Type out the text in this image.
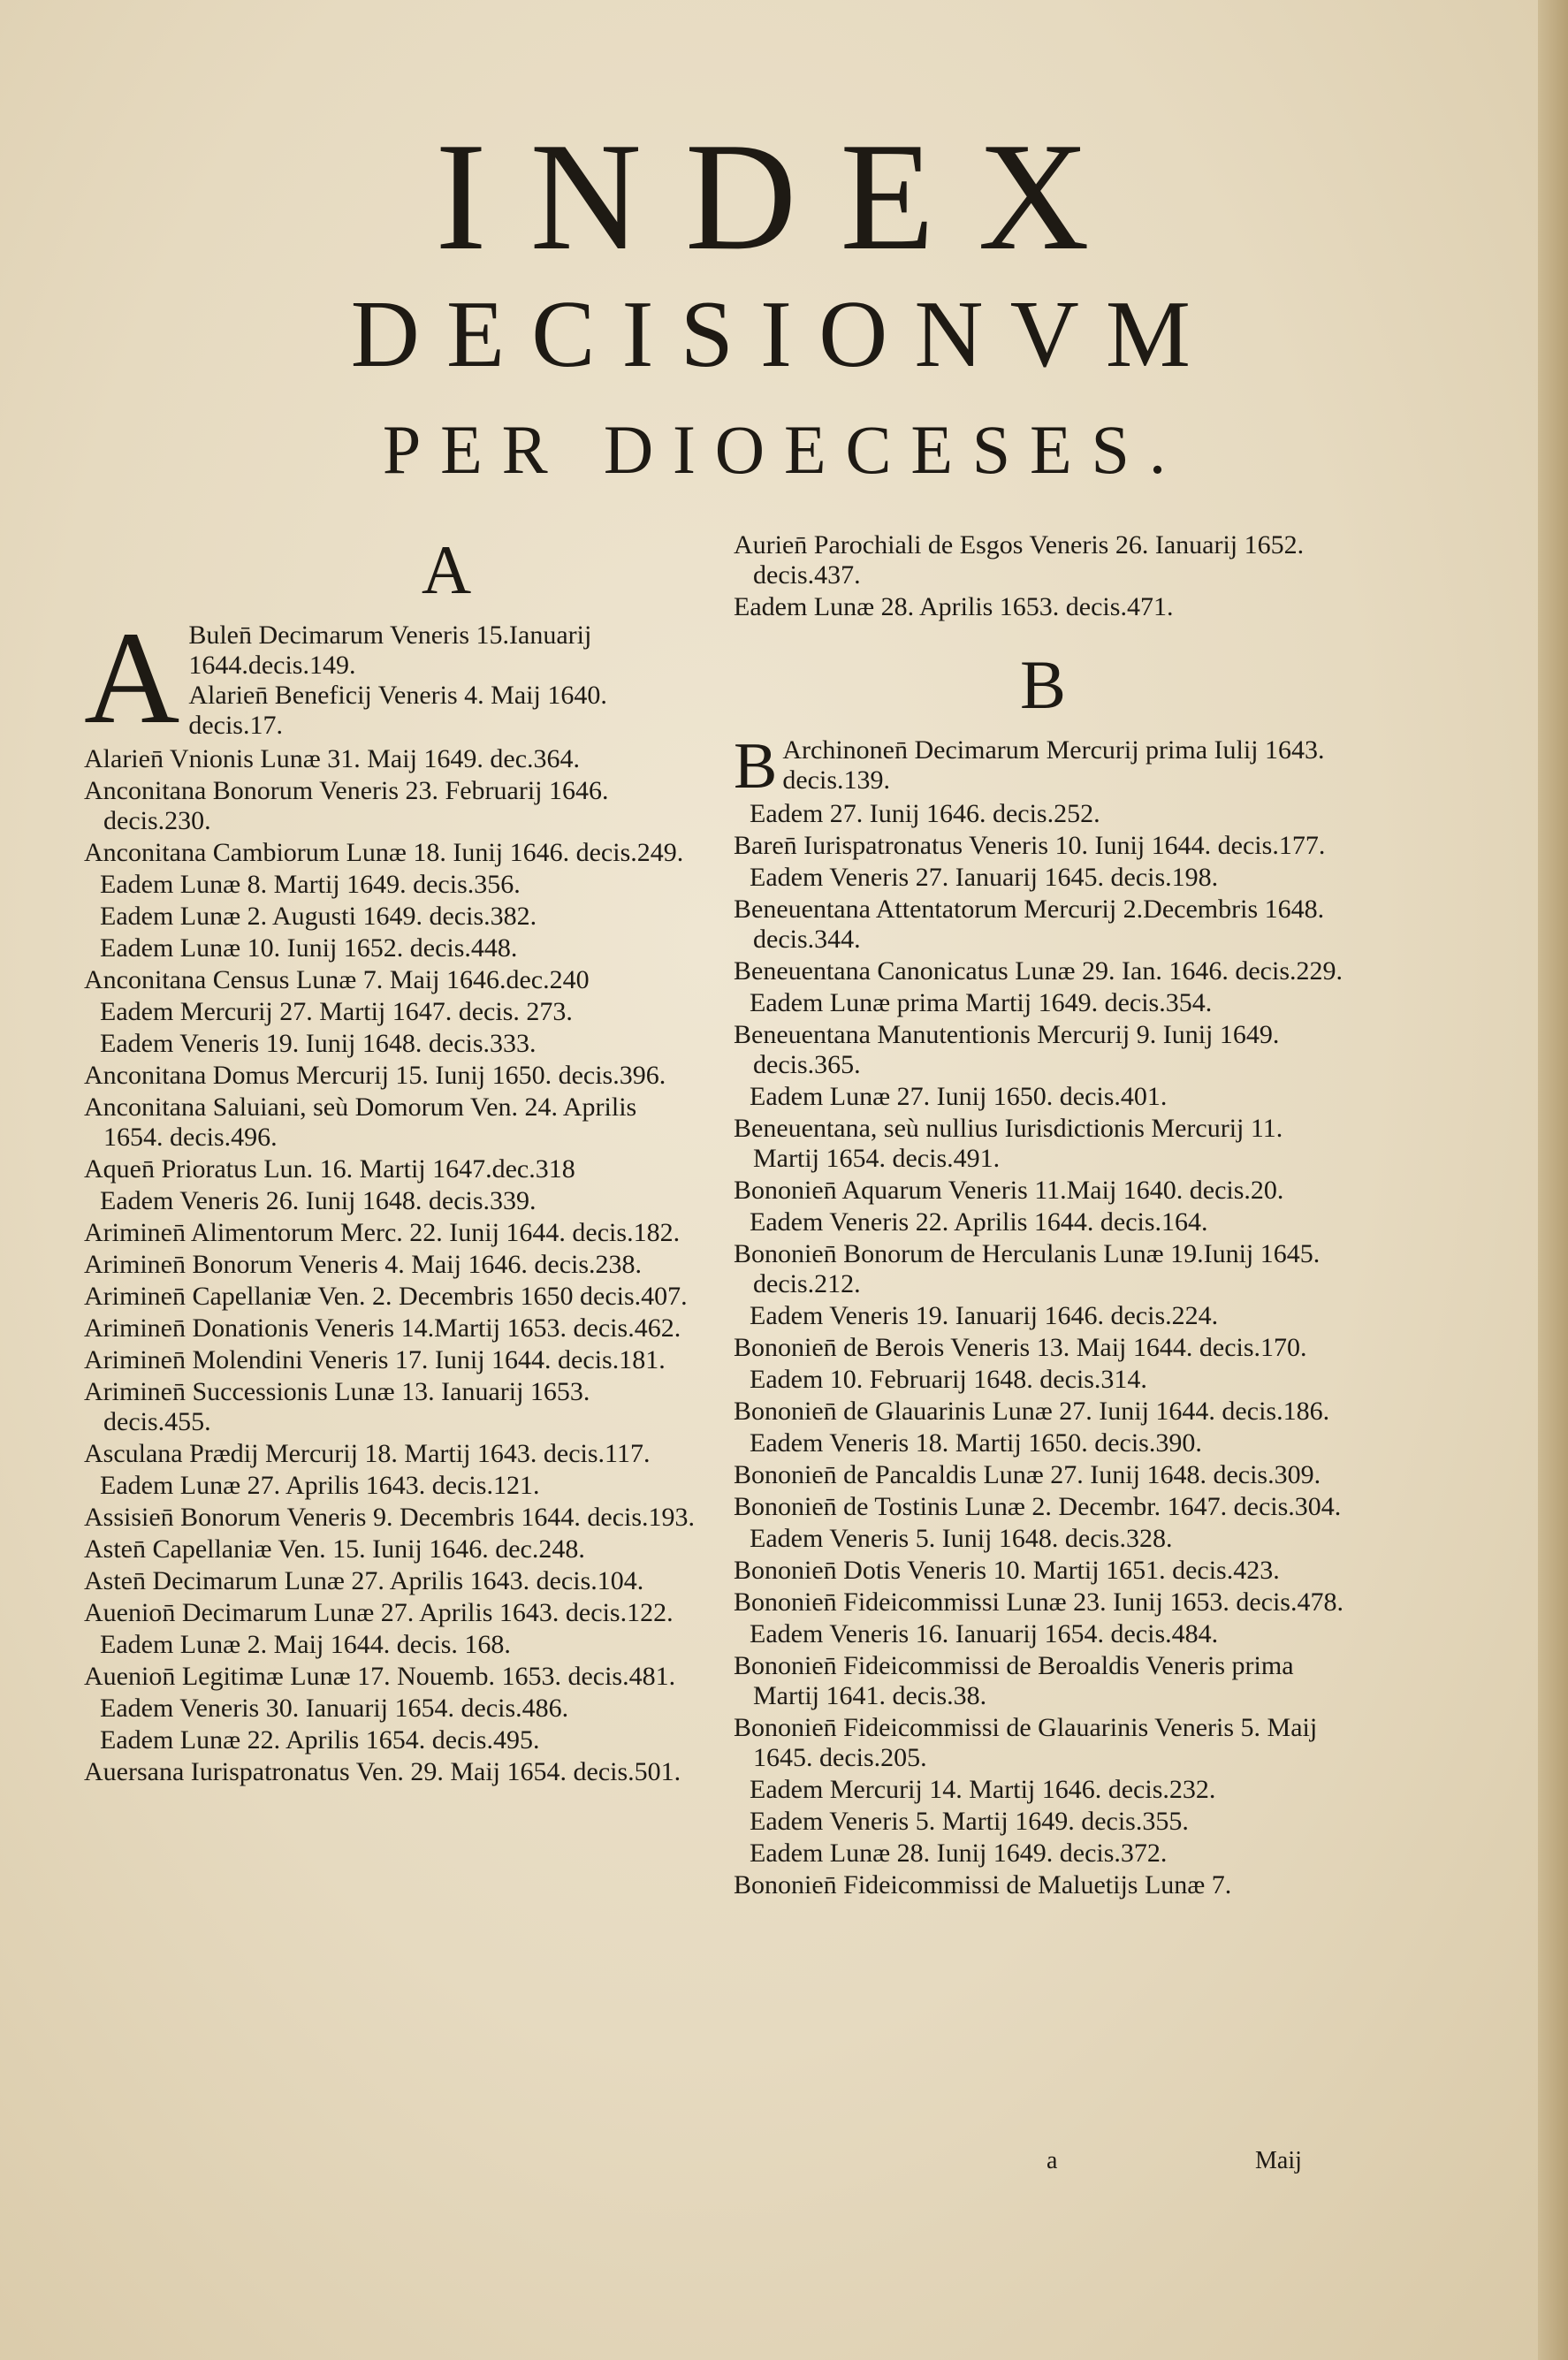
INDEX
DECISIONVM
PER DIOECESES.
A
A Bulen̄ Decimarum Veneris 15.Ianuarij 1644.decis.149.
Alarien̄ Beneficij Veneris 4. Maij 1640. decis.17.
Alarien̄ Vnionis Lunæ 31. Maij 1649. dec.364.
Anconitana Bonorum Veneris 23. Februarij 1646. decis.230.
Anconitana Cambiorum Lunæ 18. Iunij 1646. decis.249.
Eadem Lunæ 8. Martij 1649. decis.356.
Eadem Lunæ 2. Augusti 1649. decis.382.
Eadem Lunæ 10. Iunij 1652. decis.448.
Anconitana Census Lunæ 7. Maij 1646.dec.240
Eadem Mercurij 27. Martij 1647. decis. 273.
Eadem Veneris 19. Iunij 1648. decis.333.
Anconitana Domus Mercurij 15. Iunij 1650. decis.396.
Anconitana Saluiani, seù Domorum Ven. 24. Aprilis 1654. decis.496.
Aquen̄ Prioratus Lun. 16. Martij 1647.dec.318
Eadem Veneris 26. Iunij 1648. decis.339.
Ariminen̄ Alimentorum Merc. 22. Iunij 1644. decis.182.
Ariminen̄ Bonorum Veneris 4. Maij 1646. decis.238.
Ariminen̄ Capellaniæ Ven. 2. Decembris 1650 decis.407.
Ariminen̄ Donationis Veneris 14.Martij 1653. decis.462.
Ariminen̄ Molendini Veneris 17. Iunij 1644. decis.181.
Ariminen̄ Successionis Lunæ 13. Ianuarij 1653. decis.455.
Asculana Prædij Mercurij 18. Martij 1643. decis.117.
Eadem Lunæ 27. Aprilis 1643. decis.121.
Assisien̄ Bonorum Veneris 9. Decembris 1644. decis.193.
Asten̄ Capellaniæ Ven. 15. Iunij 1646. dec.248.
Asten̄ Decimarum Lunæ 27. Aprilis 1643. decis.104.
Auenion̄ Decimarum Lunæ 27. Aprilis 1643. decis.122.
Eadem Lunæ 2. Maij 1644. decis. 168.
Auenion̄ Legitimæ Lunæ 17. Nouemb. 1653. decis.481.
Eadem Veneris 30. Ianuarij 1654. decis.486.
Eadem Lunæ 22. Aprilis 1654. decis.495.
Auersana Iurispatronatus Ven. 29. Maij 1654. decis.501.
Aurien̄ Parochiali de Esgos Veneris 26. Ianuarij 1652. decis.437.
Eadem Lunæ 28. Aprilis 1653. decis.471.
B
B Archinonen̄ Decimarum Mercurij prima Iulij 1643. decis.139.
Eadem 27. Iunij 1646. decis.252.
Baren̄ Iurispatronatus Veneris 10. Iunij 1644. decis.177.
Eadem Veneris 27. Ianuarij 1645. decis.198.
Beneuentana Attentatorum Mercurij 2.Decembris 1648. decis.344.
Beneuentana Canonicatus Lunæ 29. Ian. 1646. decis.229.
Eadem Lunæ prima Martij 1649. decis.354.
Beneuentana Manutentionis Mercurij 9. Iunij 1649. decis.365.
Eadem Lunæ 27. Iunij 1650. decis.401.
Beneuentana, seù nullius Iurisdictionis Mercurij 11. Martij 1654. decis.491.
Bononien̄ Aquarum Veneris 11.Maij 1640. decis.20.
Eadem Veneris 22. Aprilis 1644. decis.164.
Bononien̄ Bonorum de Herculanis Lunæ 19.Iunij 1645. decis.212.
Eadem Veneris 19. Ianuarij 1646. decis.224.
Bononien̄ de Berois Veneris 13. Maij 1644. decis.170.
Eadem 10. Februarij 1648. decis.314.
Bononien̄ de Glauarinis Lunæ 27. Iunij 1644. decis.186.
Eadem Veneris 18. Martij 1650. decis.390.
Bononien̄ de Pancaldis Lunæ 27. Iunij 1648. decis.309.
Bononien̄ de Tostinis Lunæ 2. Decembr. 1647. decis.304.
Eadem Veneris 5. Iunij 1648. decis.328.
Bononien̄ Dotis Veneris 10. Martij 1651. decis.423.
Bononien̄ Fideicommissi Lunæ 23. Iunij 1653. decis.478.
Eadem Veneris 16. Ianuarij 1654. decis.484.
Bononien̄ Fideicommissi de Beroaldis Veneris prima Martij 1641. decis.38.
Bononien̄ Fideicommissi de Glauarinis Veneris 5. Maij 1645. decis.205.
Eadem Mercurij 14. Martij 1646. decis.232.
Eadem Veneris 5. Martij 1649. decis.355.
Eadem Lunæ 28. Iunij 1649. decis.372.
Bononien̄ Fideicommissi de Maluetijs Lunæ 7.
a	Maij
